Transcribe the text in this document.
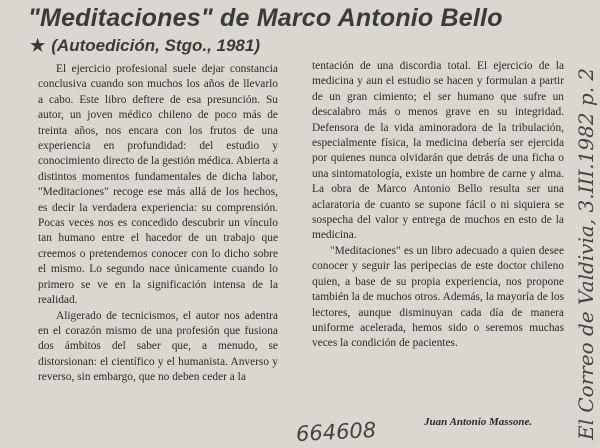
"Meditaciones" de Marco Antonio Bello
★ (Autoedición, Stgo., 1981)

El ejercicio profesional suele dejar constancia conclusiva cuando son muchos los años de llevarlo a cabo. Este libro deftere de esa presunción. Su autor, un joven médico chileno de poco más de treinta años, nos encara con los frutos de una experiencia en profundidad: del estudio y conocimiento directo de la gestión médica. Abierta a distintos momentos fundamentales de dicha labor, "Meditaciones" recoge ese más allá de los hechos, es decir la verdadera experiencia: su comprensión. Pocas veces nos es concedido descubrir un vínculo tan humano entre el hacedor de un trabajo que creemos o pretendemos conocer con lo dicho sobre el mismo. Lo segundo nace únicamente cuando lo primero se ve en la significación intensa de la realidad.

Aligerado de tecnicismos, el autor nos adentra en el corazón mismo de una profesión que fusiona dos ámbitos del saber que, a menudo, se distorsionan: el científico y el humanista. Anverso y reverso, sin embargo, que no deben ceder a la

tentación de una discordia total. El ejercicio de la medicina y aun el estudio se hacen y formulan a partir de un gran cimiento; el ser humano que sufre un descalabro más o menos grave en su integridad. Defensora de la vida aminoradora de la tribulación, especialmente física, la medicina debería ser ejercida por quienes nunca olvidarán que detrás de una ficha o una sintomatología, existe un hombre de carne y alma. La obra de Marco Antonio Bello resulta ser una aclaratoria de cuanto se supone fácil o ni siquiera se sospecha del valor y entrega de muchos en esto de la medicina.

"Meditaciones" es un libro adecuado a quien desee conocer y seguir las peripecias de este doctor chileno quien, a base de su propia experiencia, nos propone también la de muchos otros. Además, la mayoría de los lectores, aunque disminuyan cada día de manera uniforme acelerada, hemos sido o seremos muchas veces la condición de pacientes.

Juan Antonio Massone.
664608	El Correo de Valdivia, 3.III.1982 p. 2
